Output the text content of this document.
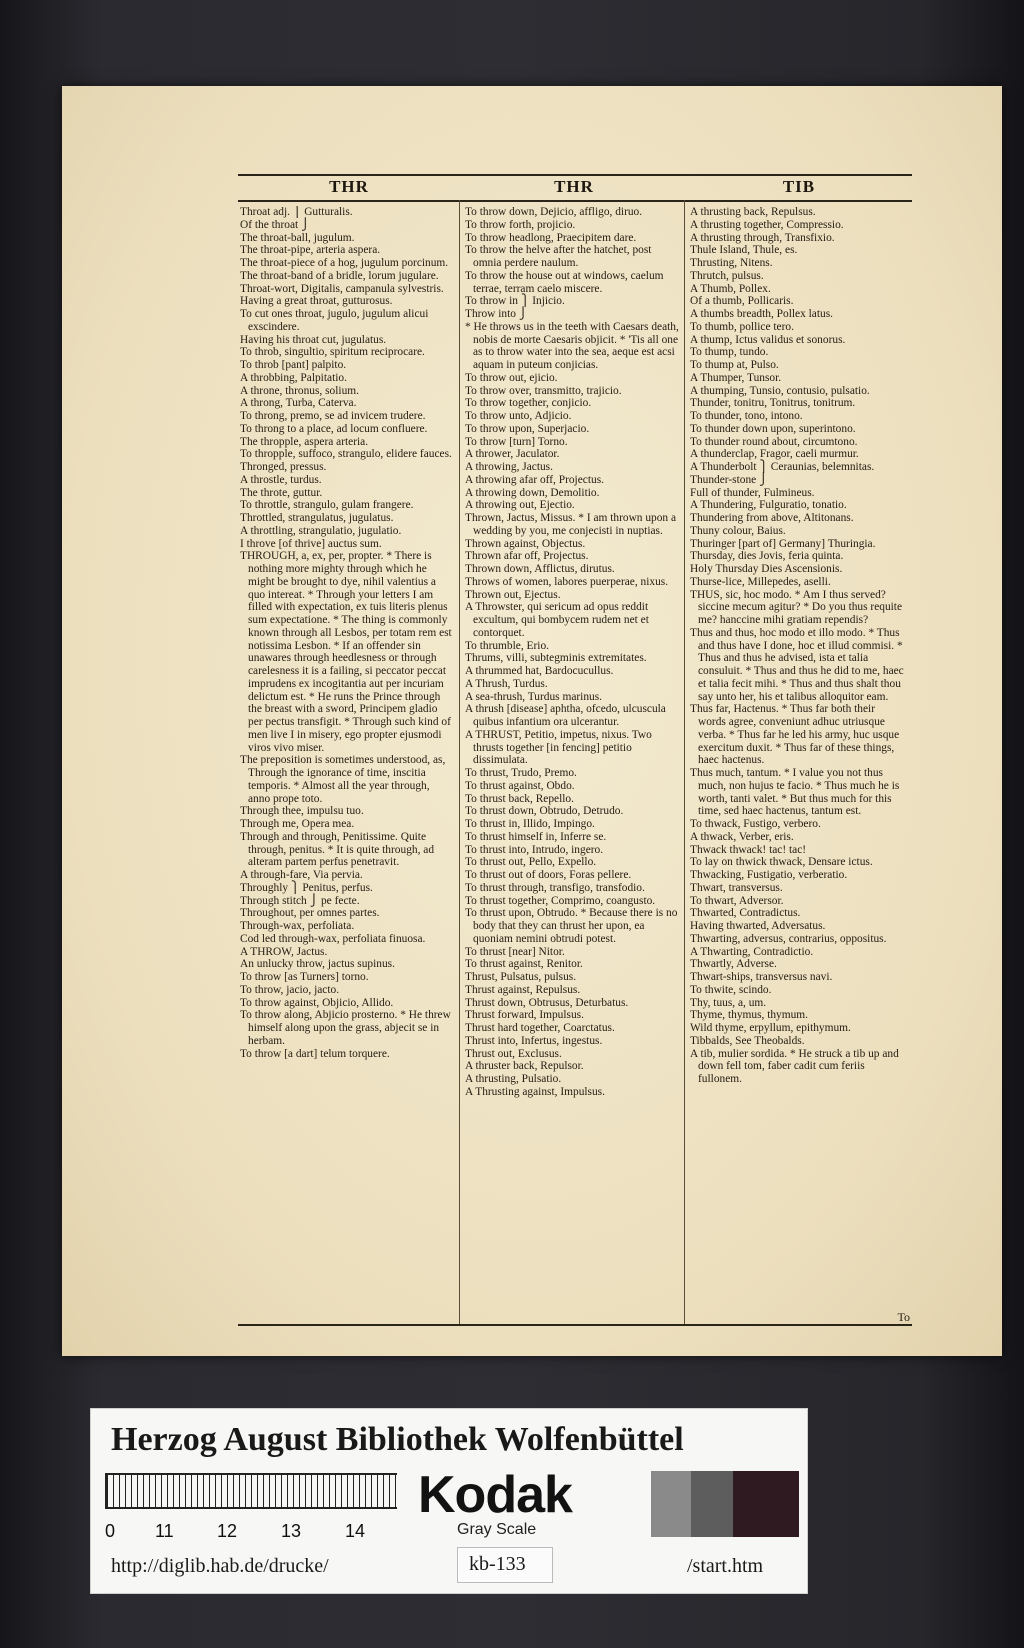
THR	THR	TIB
Throat adj. ⎫ Gutturalis.
Of the throat ⎭
The throat-ball, jugulum.
The throat-pipe, arteria aspera.
The throat-piece of a hog, jugulum porcinum.
The throat-band of a bridle, lorum jugulare.
Throat-wort, Digitalis, campanula sylvestris.
Having a great throat, gutturosus.
To cut ones throat, jugulo, jugulum alicui exscindere.
Having his throat cut, jugulatus.
To throb, singultio, spiritum reciprocare.
To throb [pant] palpito.
A throbbing, Palpitatio.
A throne, thronus, solium.
A throng, Turba, Caterva.
To throng, premo, se ad invicem trudere.
To throng to a place, ad locum confluere.
The thropple, aspera arteria.
To thropple, suffoco, strangulo, elidere fauces.
Thronged, pressus.
A throstle, turdus.
The throte, guttur.
To throttle, strangulo, gulam frangere.
Throttled, strangulatus, jugulatus.
A throttling, strangulatio, jugulatio.
I throve [of thrive] auctus sum.
THROUGH, a, ex, per, propter. * There is nothing more mighty through which he might be brought to dye, nihil valentius a quo intereat. * Through your letters I am filled with expectation, ex tuis literis plenus sum expectatione. * The thing is commonly known through all Lesbos, per totam rem est notissima Lesbon. * If an offender sin unawares through heedlesness or through carelesness it is a failing, si peccator peccat imprudens ex incogitantia aut per incuriam delictum est. * He runs the Prince through the breast with a sword, Principem gladio per pectus transfigit. * Through such kind of men live I in misery, ego propter ejusmodi viros vivo miser.
The preposition is sometimes understood, as, Through the ignorance of time, inscitia temporis. * Almost all the year through, anno prope toto.
Through thee, impulsu tuo.
Through me, Opera mea.
Through and through, Penitissime. Quite through, penitus. * It is quite through, ad alteram partem perfus penetravit.
A through-fare, Via pervia.
Throughly ⎫ Penitus, perfus.
Through stitch ⎭ pe fecte.
Throughout, per omnes partes.
Through-wax, perfoliata.
Cod led through-wax, perfoliata finuosa.
A THROW, Jactus.
An unlucky throw, jactus supinus.
To throw [as Turners] torno.
To throw, jacio, jacto.
To throw against, Objicio, Allido.
To throw along, Abjicio prosterno. * He threw himself along upon the grass, abjecit se in herbam.
To throw [a dart] telum torquere.
To throw down, Dejicio, affligo, diruo.
To throw forth, projicio.
To throw headlong, Praecipitem dare.
To throw the helve after the hatchet, post omnia perdere naulum.
To throw the house out at windows, caelum terrae, terram caelo miscere.
To throw in ⎫ Injicio.
Throw into ⎭
* He throws us in the teeth with Caesars death, nobis de morte Caesaris objicit. * 'Tis all one as to throw water into the sea, aeque est acsi aquam in puteum conjicias.
To throw out, ejicio.
To throw over, transmitto, trajicio.
To throw together, conjicio.
To throw unto, Adjicio.
To throw upon, Superjacio.
To throw [turn] Torno.
A thrower, Jaculator.
A throwing, Jactus.
A throwing afar off, Projectus.
A throwing down, Demolitio.
A throwing out, Ejectio.
Thrown, Jactus, Missus. * I am thrown upon a wedding by you, me conjecisti in nuptias.
Thrown against, Objectus.
Thrown afar off, Projectus.
Thrown down, Afflictus, dirutus.
Throws of women, labores puerperae, nixus.
Thrown out, Ejectus.
A Throwster, qui sericum ad opus reddit excultum, qui bombycem rudem net et contorquet.
To thrumble, Erio.
Thrums, villi, subtegminis extremitates.
A thrummed hat, Bardocucullus.
A Thrush, Turdus.
A sea-thrush, Turdus marinus.
A thrush [disease] aphtha, ofcedo, ulcuscula quibus infantium ora ulcerantur.
A THRUST, Petitio, impetus, nixus. Two thrusts together [in fencing] petitio dissimulata.
To thrust, Trudo, Premo.
To thrust against, Obdo.
To thrust back, Repello.
To thrust down, Obtrudo, Detrudo.
To thrust in, Illido, Impingo.
To thrust himself in, Inferre se.
To thrust into, Intrudo, ingero.
To thrust out, Pello, Expello.
To thrust out of doors, Foras pellere.
To thrust through, transfigo, transfodio.
To thrust together, Comprimo, coangusto.
To thrust upon, Obtrudo. * Because there is no body that they can thrust her upon, ea quoniam nemini obtrudi potest.
To thrust [near] Nitor.
To thrust against, Renitor.
Thrust, Pulsatus, pulsus.
Thrust against, Repulsus.
Thrust down, Obtrusus, Deturbatus.
Thrust forward, Impulsus.
Thrust hard together, Coarctatus.
Thrust into, Infertus, ingestus.
Thrust out, Exclusus.
A thruster back, Repulsor.
A thrusting, Pulsatio.
A Thrusting against, Impulsus.
A thrusting back, Repulsus.
A thrusting together, Compressio.
A thrusting through, Transfixio.
Thule Island, Thule, es.
Thrusting, Nitens.
Thrutch, pulsus.
A Thumb, Pollex.
Of a thumb, Pollicaris.
A thumbs breadth, Pollex latus.
To thumb, pollice tero.
A thump, Ictus validus et sonorus.
To thump, tundo.
To thump at, Pulso.
A Thumper, Tunsor.
A thumping, Tunsio, contusio, pulsatio.
Thunder, tonitru, Tonitrus, tonitrum.
To thunder, tono, intono.
To thunder down upon, superintono.
To thunder round about, circumtono.
A thunderclap, Fragor, caeli murmur.
A Thunderbolt ⎫ Ceraunias, belemnitas.
Thunder-stone ⎭
Full of thunder, Fulmineus.
A Thundering, Fulguratio, tonatio.
Thundering from above, Altitonans.
Thuny colour, Baius.
Thuringer [part of] Germany] Thuringia.
Thursday, dies Jovis, feria quinta.
Holy Thursday Dies Ascensionis.
Thurse-lice, Millepedes, aselli.
THUS, sic, hoc modo. * Am I thus served? siccine mecum agitur? * Do you thus requite me? hanccine mihi gratiam rependis?
Thus and thus, hoc modo et illo modo. * Thus and thus have I done, hoc et illud commisi. * Thus and thus he advised, ista et talia consuluit. * Thus and thus he did to me, haec et talia fecit mihi. * Thus and thus shalt thou say unto her, his et talibus alloquitor eam.
Thus far, Hactenus. * Thus far both their words agree, conveniunt adhuc utriusque verba. * Thus far he led his army, huc usque exercitum duxit. * Thus far of these things, haec hactenus.
Thus much, tantum. * I value you not thus much, non hujus te facio. * Thus much he is worth, tanti valet. * But thus much for this time, sed haec hactenus, tantum est.
To thwack, Fustigo, verbero.
A thwack, Verber, eris.
Thwack thwack! tac! tac!
To lay on thwick thwack, Densare ictus.
Thwacking, Fustigatio, verberatio.
Thwart, transversus.
To thwart, Adversor.
Thwarted, Contradictus.
Having thwarted, Adversatus.
Thwarting, adversus, contrarius, oppositus.
A Thwarting, Contradictio.
Thwartly, Adverse.
Thwart-ships, transversus navi.
To thwite, scindo.
Thy, tuus, a, um.
Thyme, thymus, thymum.
Wild thyme, erpyllum, epithymum.
Tibbalds, See Theobalds.
A tib, mulier sordida. * He struck a tib up and down fell tom, faber cadit cum feriis fullonem.
To
Herzog August Bibliothek Wolfenbüttel
0 11 12 13 14
Kodak
Gray Scale
http://diglib.hab.de/drucke/	kb-133	/start.htm
